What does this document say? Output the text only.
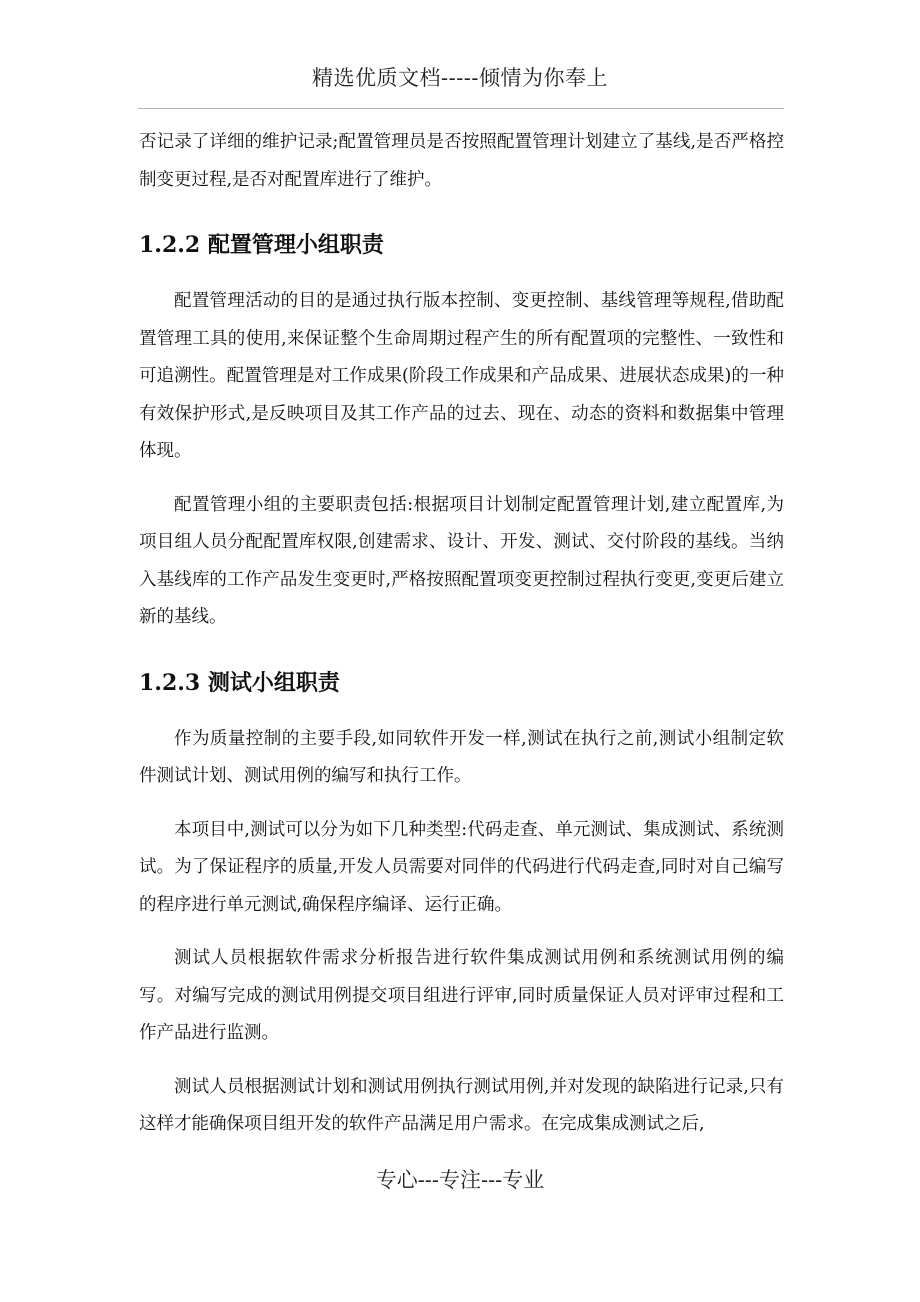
精选优质文档-----倾情为你奉上

否记录了详细的维护记录;配置管理员是否按照配置管理计划建立了基线,是否严格控制变更过程,是否对配置库进行了维护。

1.2.2 配置管理小组职责

配置管理活动的目的是通过执行版本控制、变更控制、基线管理等规程,借助配置管理工具的使用,来保证整个生命周期过程产生的所有配置项的完整性、一致性和可追溯性。配置管理是对工作成果(阶段工作成果和产品成果、进展状态成果)的一种有效保护形式,是反映项目及其工作产品的过去、现在、动态的资料和数据集中管理体现。

配置管理小组的主要职责包括:根据项目计划制定配置管理计划,建立配置库,为项目组人员分配配置库权限,创建需求、设计、开发、测试、交付阶段的基线。当纳入基线库的工作产品发生变更时,严格按照配置项变更控制过程执行变更,变更后建立新的基线。

1.2.3 测试小组职责

作为质量控制的主要手段,如同软件开发一样,测试在执行之前,测试小组制定软件测试计划、测试用例的编写和执行工作。

本项目中,测试可以分为如下几种类型:代码走查、单元测试、集成测试、系统测试。为了保证程序的质量,开发人员需要对同伴的代码进行代码走查,同时对自己编写的程序进行单元测试,确保程序编译、运行正确。

测试人员根据软件需求分析报告进行软件集成测试用例和系统测试用例的编写。对编写完成的测试用例提交项目组进行评审,同时质量保证人员对评审过程和工作产品进行监测。

测试人员根据测试计划和测试用例执行测试用例,并对发现的缺陷进行记录,只有这样才能确保项目组开发的软件产品满足用户需求。在完成集成测试之后,

专心---专注---专业
